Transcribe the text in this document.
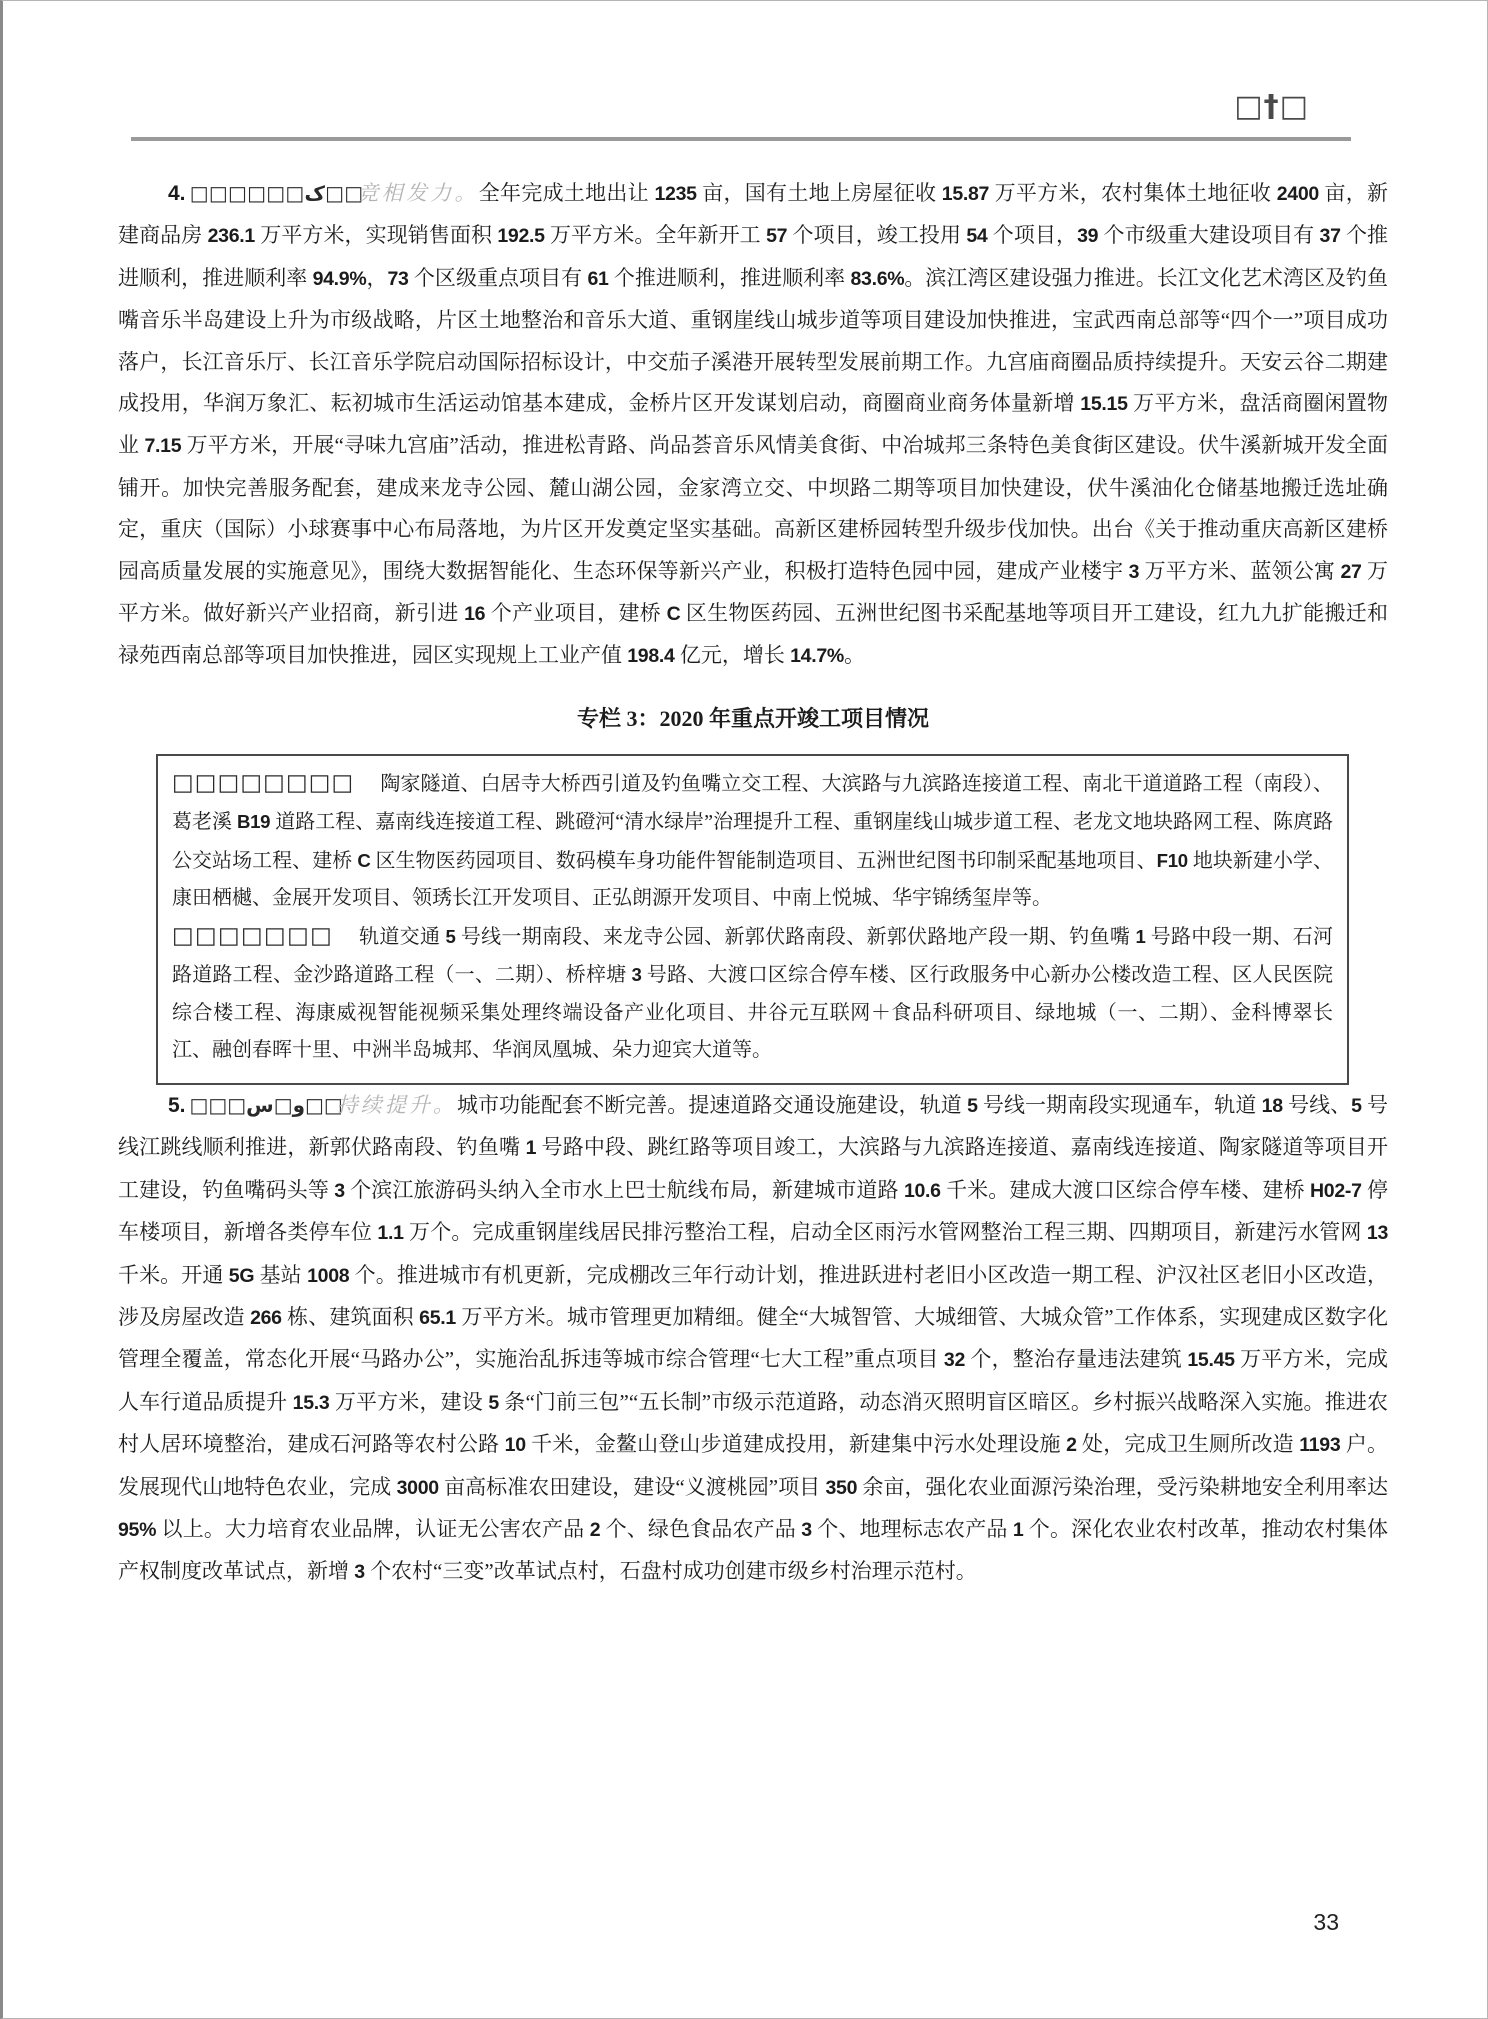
□†□

4. □□□□□□ک□□竞相发力。全年完成土地出让 1235 亩，国有土地上房屋征收 15.87 万平方米，农村集体土地征收 2400 亩，新建商品房 236.1 万平方米，实现销售面积 192.5 万平方米。全年新开工 57 个项目，竣工投用 54 个项目，39 个市级重大建设项目有 37 个推进顺利，推进顺利率 94.9%，73 个区级重点项目有 61 个推进顺利，推进顺利率 83.6%。滨江湾区建设强力推进。长江文化艺术湾区及钓鱼嘴音乐半岛建设上升为市级战略，片区土地整治和音乐大道、重钢崖线山城步道等项目建设加快推进，宝武西南总部等“四个一”项目成功落户，长江音乐厅、长江音乐学院启动国际招标设计，中交茄子溪港开展转型发展前期工作。九宫庙商圈品质持续提升。天安云谷二期建成投用，华润万象汇、耘初城市生活运动馆基本建成，金桥片区开发谋划启动，商圈商业商务体量新增 15.15 万平方米，盘活商圈闲置物业 7.15 万平方米，开展“寻味九宫庙”活动，推进松青路、尚品荟音乐风情美食街、中冶城邦三条特色美食街区建设。伏牛溪新城开发全面铺开。加快完善服务配套，建成来龙寺公园、麓山湖公园，金家湾立交、中坝路二期等项目加快建设，伏牛溪油化仓储基地搬迁选址确定，重庆（国际）小球赛事中心布局落地，为片区开发奠定坚实基础。高新区建桥园转型升级步伐加快。出台《关于推动重庆高新区建桥园高质量发展的实施意见》，围绕大数据智能化、生态环保等新兴产业，积极打造特色园中园，建成产业楼宇 3 万平方米、蓝领公寓 27 万平方米。做好新兴产业招商，新引进 16 个产业项目，建桥 C 区生物医药园、五洲世纪图书采配基地等项目开工建设，红九九扩能搬迁和禄苑西南总部等项目加快推进，园区实现规上工业产值 198.4 亿元，增长 14.7%。

专栏 3：2020 年重点开竣工项目情况

□□□□□□□□ 陶家隧道、白居寺大桥西引道及钓鱼嘴立交工程、大滨路与九滨路连接道工程、南北干道道路工程（南段）、葛老溪 B19 道路工程、嘉南线连接道工程、跳磴河“清水绿岸”治理提升工程、重钢崖线山城步道工程、老龙文地块路网工程、陈庹路公交站场工程、建桥 C 区生物医药园项目、数码模车身功能件智能制造项目、五洲世纪图书印制采配基地项目、F10 地块新建小学、康田栖樾、金展开发项目、领琇长江开发项目、正弘朗源开发项目、中南上悦城、华宇锦绣玺岸等。

□□□□□□□ 轨道交通 5 号线一期南段、来龙寺公园、新郭伏路南段、新郭伏路地产段一期、钓鱼嘴 1 号路中段一期、石河路道路工程、金沙路道路工程（一、二期）、桥梓塘 3 号路、大渡口区综合停车楼、区行政服务中心新办公楼改造工程、区人民医院综合楼工程、海康威视智能视频采集处理终端设备产业化项目、井谷元互联网＋食品科研项目、绿地城（一、二期）、金科博翠长江、融创春晖十里、中洲半岛城邦、华润凤凰城、朵力迎宾大道等。

5. □□□و□س□□持续提升。城市功能配套不断完善。提速道路交通设施建设，轨道 5 号线一期南段实现通车，轨道 18 号线、5 号线江跳线顺利推进，新郭伏路南段、钓鱼嘴 1 号路中段、跳红路等项目竣工，大滨路与九滨路连接道、嘉南线连接道、陶家隧道等项目开工建设，钓鱼嘴码头等 3 个滨江旅游码头纳入全市水上巴士航线布局，新建城市道路 10.6 千米。建成大渡口区综合停车楼、建桥 H02-7 停车楼项目，新增各类停车位 1.1 万个。完成重钢崖线居民排污整治工程，启动全区雨污水管网整治工程三期、四期项目，新建污水管网 13 千米。开通 5G 基站 1008 个。推进城市有机更新，完成棚改三年行动计划，推进跃进村老旧小区改造一期工程、沪汉社区老旧小区改造，涉及房屋改造 266 栋、建筑面积 65.1 万平方米。城市管理更加精细。健全“大城智管、大城细管、大城众管”工作体系，实现建成区数字化管理全覆盖，常态化开展“马路办公”，实施治乱拆违等城市综合管理“七大工程”重点项目 32 个，整治存量违法建筑 15.45 万平方米，完成人车行道品质提升 15.3 万平方米，建设 5 条“门前三包”“五长制”市级示范道路，动态消灭照明盲区暗区。乡村振兴战略深入实施。推进农村人居环境整治，建成石河路等农村公路 10 千米，金鳌山登山步道建成投用，新建集中污水处理设施 2 处，完成卫生厕所改造 1193 户。发展现代山地特色农业，完成 3000 亩高标准农田建设，建设“义渡桃园”项目 350 余亩，强化农业面源污染治理，受污染耕地安全利用率达 95% 以上。大力培育农业品牌，认证无公害农产品 2 个、绿色食品农产品 3 个、地理标志农产品 1 个。深化农业农村改革，推动农村集体产权制度改革试点，新增 3 个农村“三变”改革试点村，石盘村成功创建市级乡村治理示范村。

33
